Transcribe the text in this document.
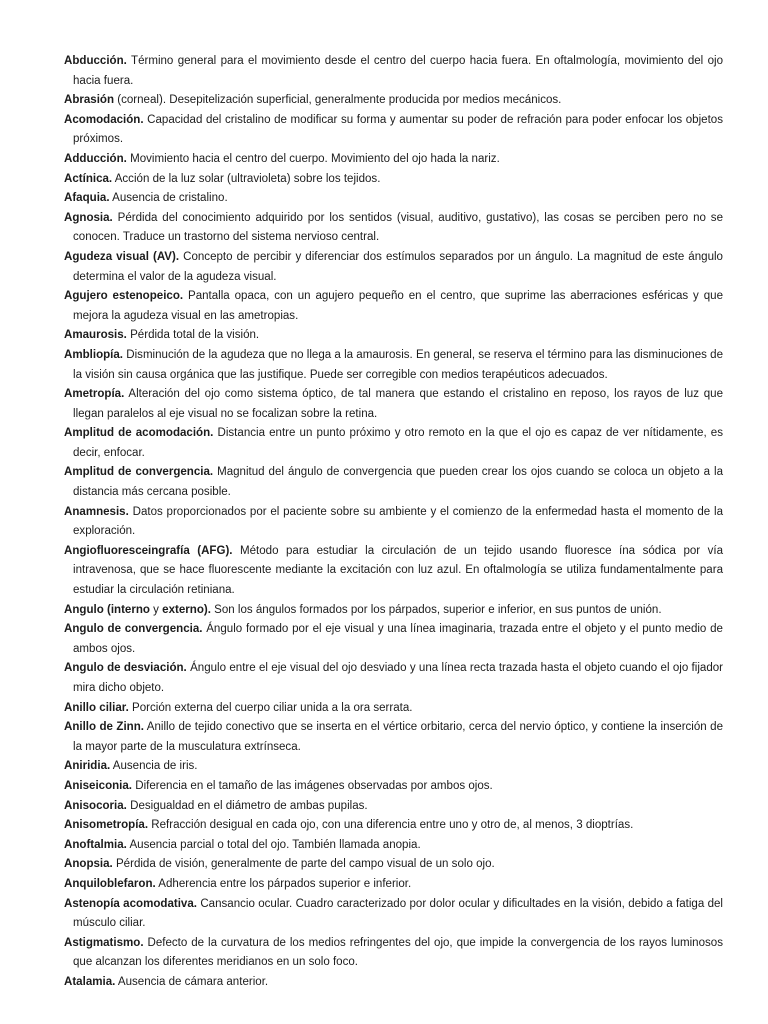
Abducción. Término general para el movimiento desde el centro del cuerpo hacia fuera. En oftalmología, movimiento del ojo hacia fuera.

Abrasión (corneal). Desepitelización superficial, generalmente producida por medios mecánicos.

Acomodación. Capacidad del cristalino de modificar su forma y aumentar su poder de refración para poder enfocar los objetos próximos.

Adducción. Movimiento hacia el centro del cuerpo. Movimiento del ojo hada la nariz.

Actínica. Acción de la luz solar (ultravioleta) sobre los tejidos.

Afaquia. Ausencia de cristalino.

Agnosia. Pérdida del conocimiento adquirido por los sentidos (visual, auditivo, gustativo), las cosas se perciben pero no se conocen. Traduce un trastorno del sistema nervioso central.

Agudeza visual (AV). Concepto de percibir y diferenciar dos estímulos separados por un ángulo. La magnitud de este ángulo determina el valor de la agudeza visual.

Agujero estenopeico. Pantalla opaca, con un agujero pequeño en el centro, que suprime las aberraciones esféricas y que mejora la agudeza visual en las ametropias.

Amaurosis. Pérdida total de la visión.

Ambliopía. Disminución de la agudeza que no llega a la amaurosis. En general, se reserva el término para las disminuciones de la visión sin causa orgánica que las justifique. Puede ser corregible con medios terapéuticos adecuados.

Ametropía. Alteración del ojo como sistema óptico, de tal manera que estando el cristalino en reposo, los rayos de luz que llegan paralelos al eje visual no se focalizan sobre la retina.

Amplitud de acomodación. Distancia entre un punto próximo y otro remoto en la que el ojo es capaz de ver nítidamente, es decir, enfocar.

Amplitud de convergencia. Magnitud del ángulo de convergencia que pueden crear los ojos cuando se coloca un objeto a la distancia más cercana posible.

Anamnesis. Datos proporcionados por el paciente sobre su ambiente y el comienzo de la enfermedad hasta el momento de la exploración.

Angiofluoresceingrafía (AFG). Método para estudiar la circulación de un tejido usando fluoresce ína sódica por vía intravenosa, que se hace fluorescente mediante la excitación con luz azul. En oftalmología se utiliza fundamentalmente para estudiar la circulación retiniana.

Angulo (interno y externo). Son los ángulos formados por los párpados, superior e inferior, en sus puntos de unión.

Angulo de convergencia. Ángulo formado por el eje visual y una línea imaginaria, trazada entre el objeto y el punto medio de ambos ojos.

Angulo de desviación. Ángulo entre el eje visual del ojo desviado y una línea recta trazada hasta el objeto cuando el ojo fijador mira dicho objeto.

Anillo ciliar. Porción externa del cuerpo ciliar unida a la ora serrata.

Anillo de Zinn. Anillo de tejido conectivo que se inserta en el vértice orbitario, cerca del nervio óptico, y contiene la inserción de la mayor parte de la musculatura extrínseca.

Aniridia. Ausencia de iris.

Aniseiconia. Diferencia en el tamaño de las imágenes observadas por ambos ojos.

Anisocoria. Desigualdad en el diámetro de ambas pupilas.

Anisometropía. Refracción desigual en cada ojo, con una diferencia entre uno y otro de, al menos, 3 dioptrías.

Anoftalmia. Ausencia parcial o total del ojo. También llamada anopia.

Anopsia. Pérdida de visión, generalmente de parte del campo visual de un solo ojo.

Anquiloblefaron. Adherencia entre los párpados superior e inferior.

Astenopía acomodativa. Cansancio ocular. Cuadro caracterizado por dolor ocular y dificultades en la visión, debido a fatiga del músculo ciliar.

Astigmatismo. Defecto de la curvatura de los medios refringentes del ojo, que impide la convergencia de los rayos luminosos que alcanzan los diferentes meridianos en un solo foco.

Atalamia. Ausencia de cámara anterior.
